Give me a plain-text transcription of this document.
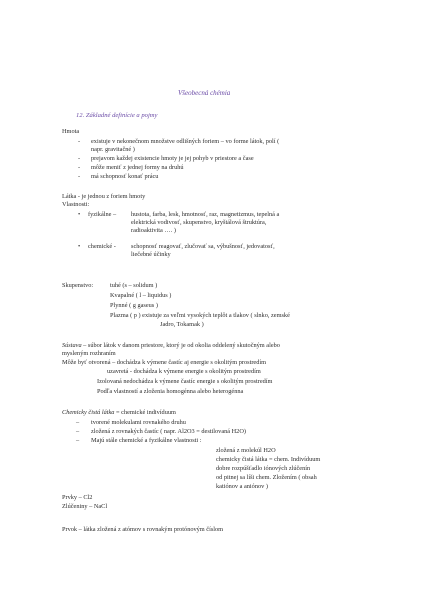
Všeobecná chémia
12. Základné definície a pojmy
Hmota
- existuje v nekonečnom množstve odlišných foriem – vo forme látok, polí (
napr. gravitačné )
- prejavom každej existencie hmoty je jej pohyb v priestore a čase
- môže meniť z jednej formy na druhú
- má schopnosť konať prácu
Látka - je jednou z foriem hmoty
Vlastnosti:
• fyzikálne – hustota, farba, lesk, hmotnosť, raz, magnetizmus, tepelná a
elektrická vodivosť, skupenstvo, kryštálová štruktúra,
radioaktivita …. )
• chemické - schopnosť reagovať, zlučovať sa, výbušnosť, jedovatosť,
liečebné účinky
Skupenstvo:	tuhé (s – solidum )
Kvapalné ( l – liquidus )
Plynné ( g gaseus )
Plazma ( p ) existuje za veľmi vysokých teplôt a tlakov ( slnko, zemské
Jadro, Tokamak )
Sústava – súbor látok v danom priestore, ktorý je od okolia oddelený skutočným alebo
mysleným rozhraním
Môže byť otvorená – dochádza k výmene častíc aj energie s okolitým prostredím
uzavretá - dochádza k výmene energie s okolitým prostredím
Izolovaná nedochádza k výmene častíc energie s okolitým prostredím
Podľa vlastností a zloženia homogénna alebo heterogénna
Chemicky čistá látka = chemické indivíduum
– tvorené molekulami rovnakého druhu
– zložená z rovnakých častíc ( napr. Al2O3 = destilovaná H2O)
– Majú stále chemické a fyzikálne vlastnosti :
zložená z molekúl H2O
chemicky čistá látka = chem. Indivíduum
dobre rozpúšťadlo iónových zlúčenín
od pitnej sa líši chem. Zložením ( obsah
katiónov a aniónov )
Prvky – Cl2
Zlúčeniny – NaCl
Prvok – látka zložená z atómov s rovnakým protónovým číslom
